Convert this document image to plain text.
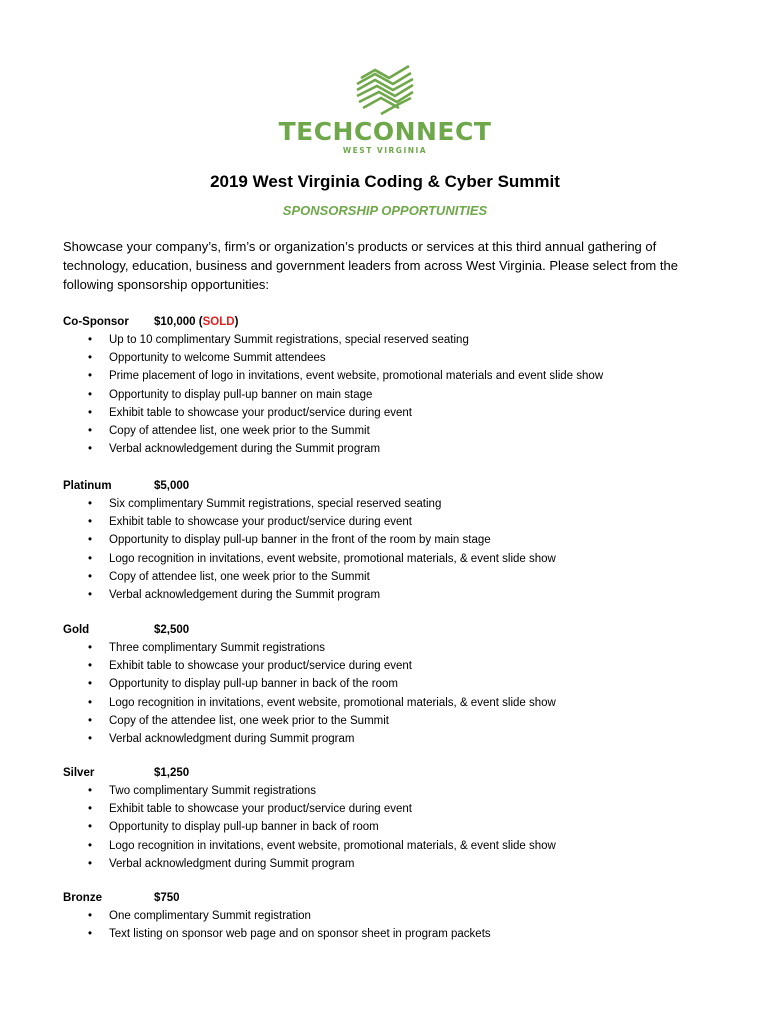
TECHCONNECT
WEST VIRGINIA
2019 West Virginia Coding & Cyber Summit
SPONSORSHIP OPPORTUNITIES
Showcase your company’s, firm’s or organization’s products or services at this third annual gathering of technology, education, business and government leaders from across West Virginia. Please select from the following sponsorship opportunities:
Co-Sponsor $10,000 (SOLD)
• Up to 10 complimentary Summit registrations, special reserved seating
• Opportunity to welcome Summit attendees
• Prime placement of logo in invitations, event website, promotional materials and event slide show
• Opportunity to display pull-up banner on main stage
• Exhibit table to showcase your product/service during event
• Copy of attendee list, one week prior to the Summit
• Verbal acknowledgement during the Summit program
Platinum	$5,000
• Six complimentary Summit registrations, special reserved seating
• Exhibit table to showcase your product/service during event
• Opportunity to display pull-up banner in the front of the room by main stage
• Logo recognition in invitations, event website, promotional materials, & event slide show
• Copy of attendee list, one week prior to the Summit
• Verbal acknowledgement during the Summit program
Gold	$2,500
• Three complimentary Summit registrations
• Exhibit table to showcase your product/service during event
• Opportunity to display pull-up banner in back of the room
• Logo recognition in invitations, event website, promotional materials, & event slide show
• Copy of the attendee list, one week prior to the Summit
• Verbal acknowledgment during Summit program
Silver	$1,250
• Two complimentary Summit registrations
• Exhibit table to showcase your product/service during event
• Opportunity to display pull-up banner in back of room
• Logo recognition in invitations, event website, promotional materials, & event slide show
• Verbal acknowledgment during Summit program
Bronze	$750
• One complimentary Summit registration
• Text listing on sponsor web page and on sponsor sheet in program packets
